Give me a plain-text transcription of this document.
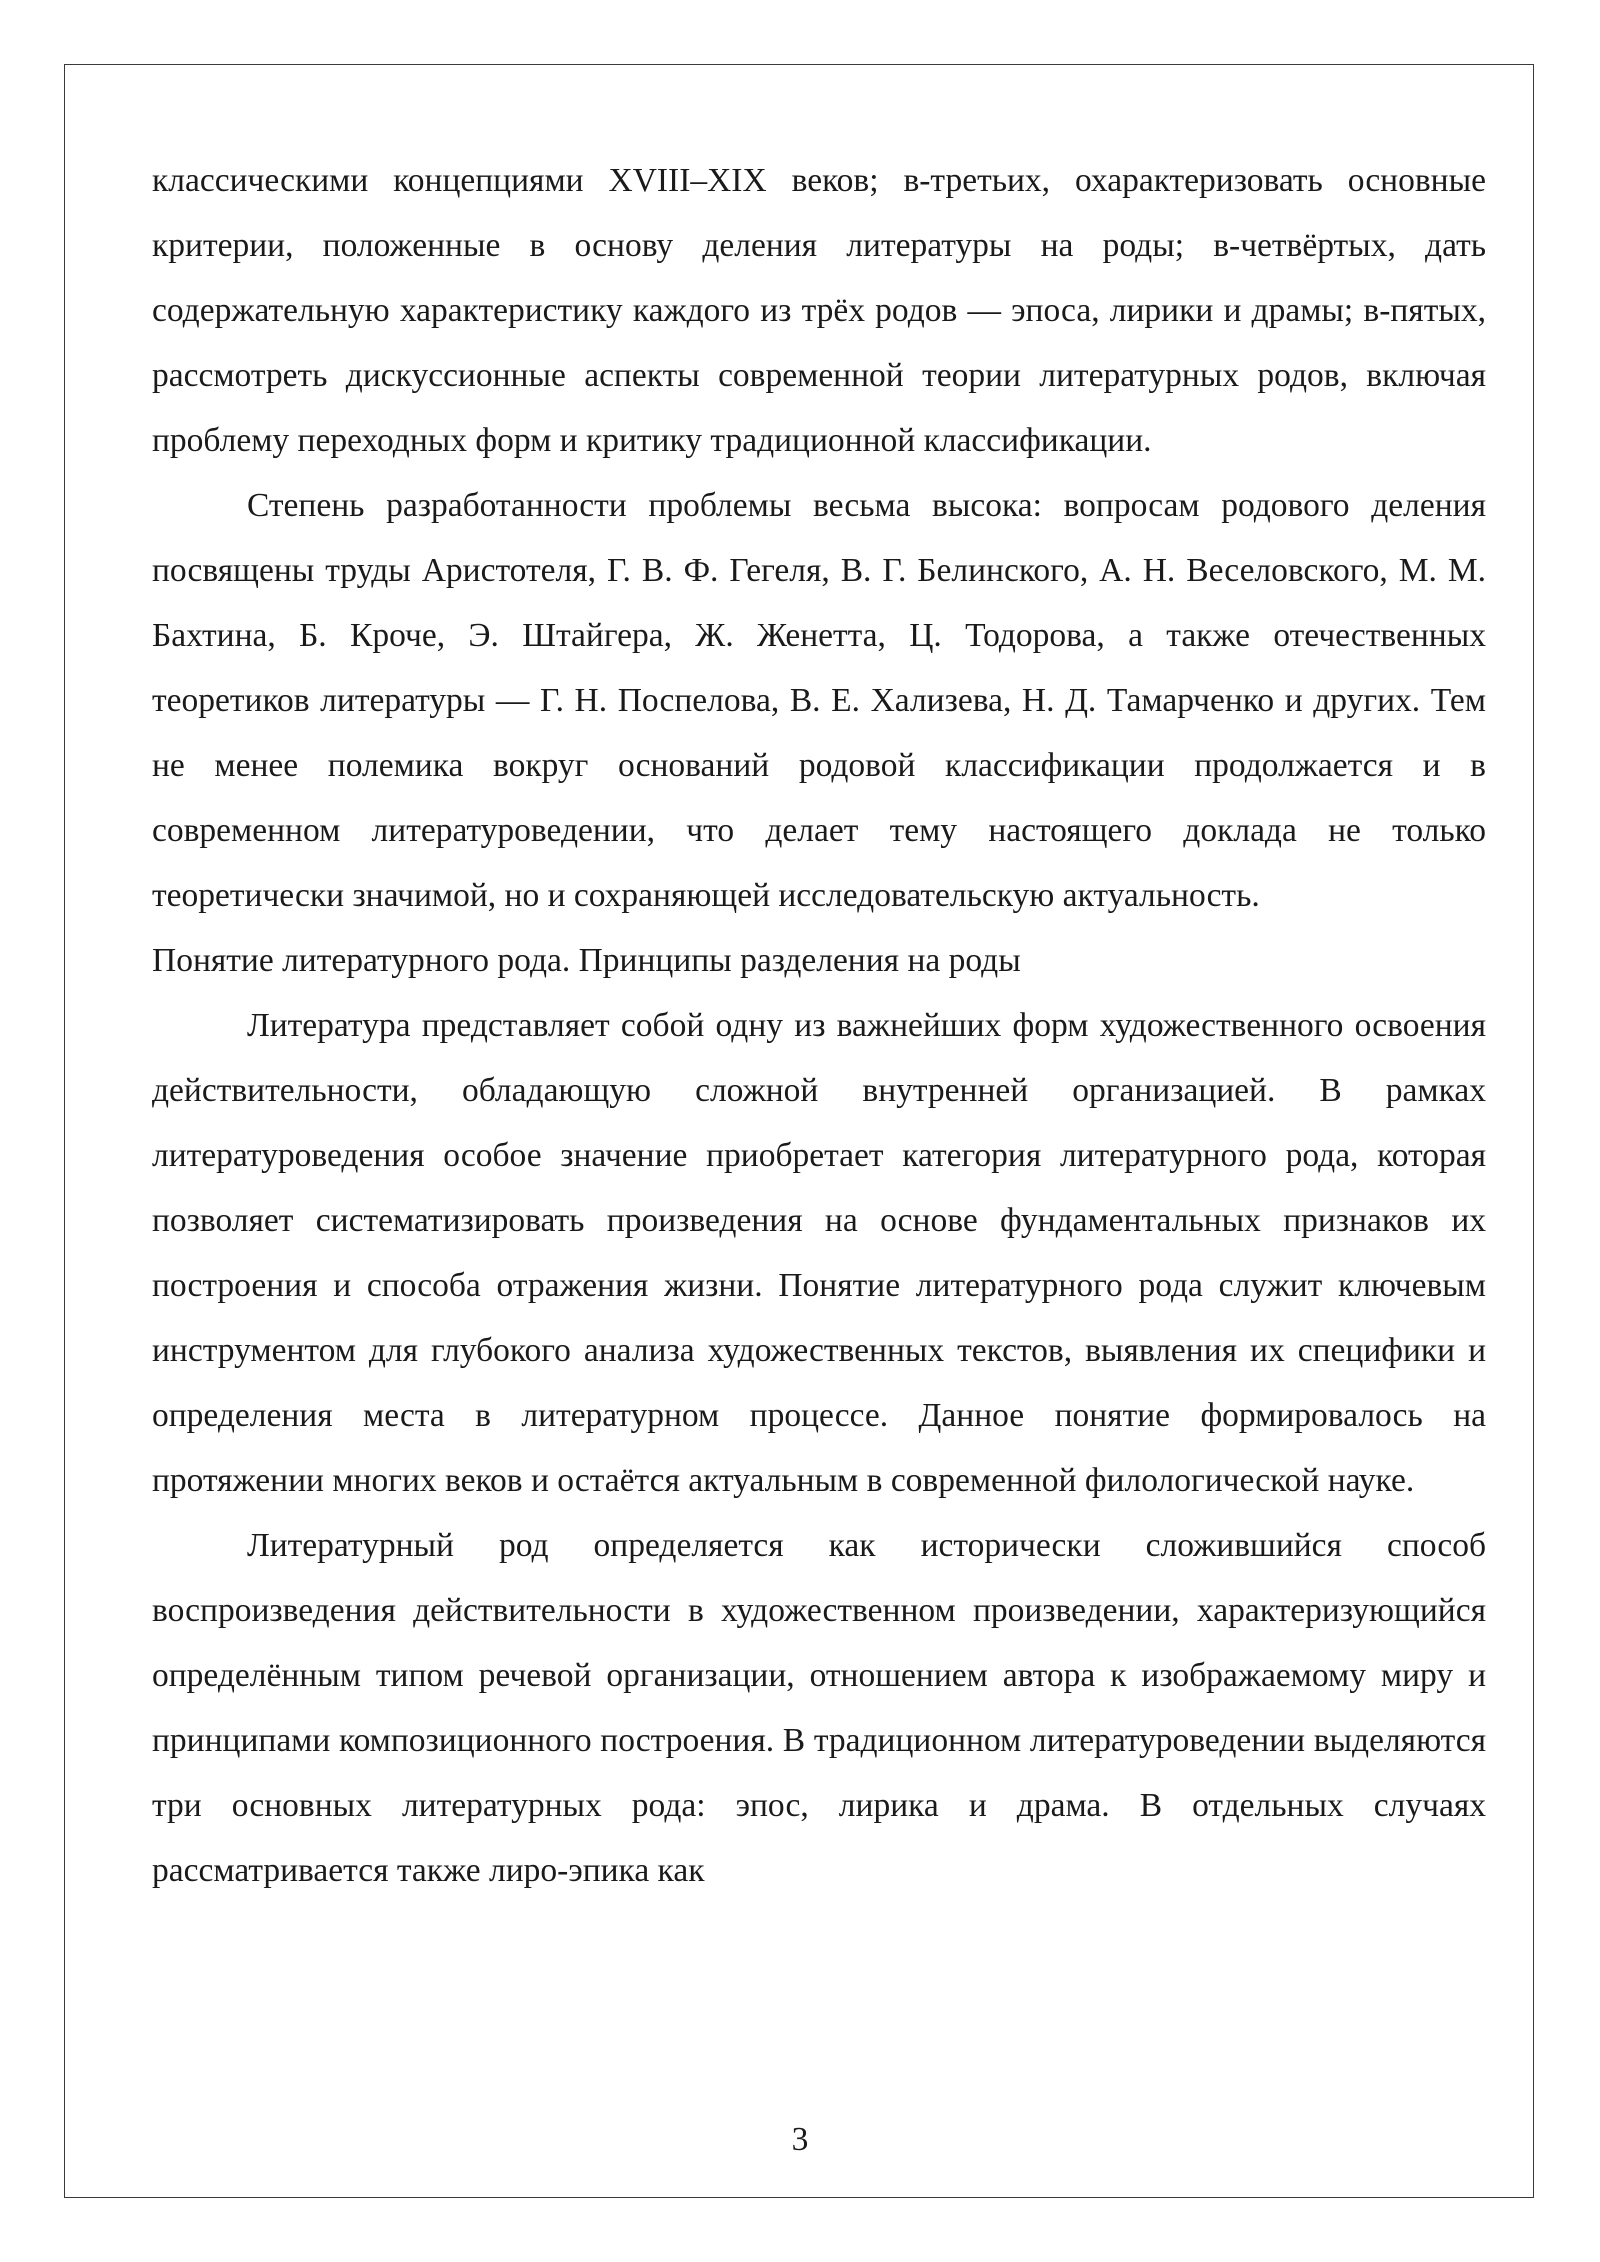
классическими концепциями XVIII–XIX веков; в-третьих, охарактеризовать основные критерии, положенные в основу деления литературы на роды; в-четвёртых, дать содержательную характеристику каждого из трёх родов — эпоса, лирики и драмы; в-пятых, рассмотреть дискуссионные аспекты современной теории литературных родов, включая проблему переходных форм и критику традиционной классификации.

Степень разработанности проблемы весьма высока: вопросам родового деления посвящены труды Аристотеля, Г. В. Ф. Гегеля, В. Г. Белинского, А. Н. Веселовского, М. М. Бахтина, Б. Кроче, Э. Штайгера, Ж. Женетта, Ц. Тодорова, а также отечественных теоретиков литературы — Г. Н. Поспелова, В. Е. Хализева, Н. Д. Тамарченко и других. Тем не менее полемика вокруг оснований родовой классификации продолжается и в современном литературоведении, что делает тему настоящего доклада не только теоретически значимой, но и сохраняющей исследовательскую актуальность.

Понятие литературного рода. Принципы разделения на роды

Литература представляет собой одну из важнейших форм художественного освоения действительности, обладающую сложной внутренней организацией. В рамках литературоведения особое значение приобретает категория литературного рода, которая позволяет систематизировать произведения на основе фундаментальных признаков их построения и способа отражения жизни. Понятие литературного рода служит ключевым инструментом для глубокого анализа художественных текстов, выявления их специфики и определения места в литературном процессе. Данное понятие формировалось на протяжении многих веков и остаётся актуальным в современной филологической науке.

Литературный род определяется как исторически сложившийся способ воспроизведения действительности в художественном произведении, характеризующийся определённым типом речевой организации, отношением автора к изображаемому миру и принципами композиционного построения. В традиционном литературоведении выделяются три основных литературных рода: эпос, лирика и драма. В отдельных случаях рассматривается также лиро-эпика как

3
